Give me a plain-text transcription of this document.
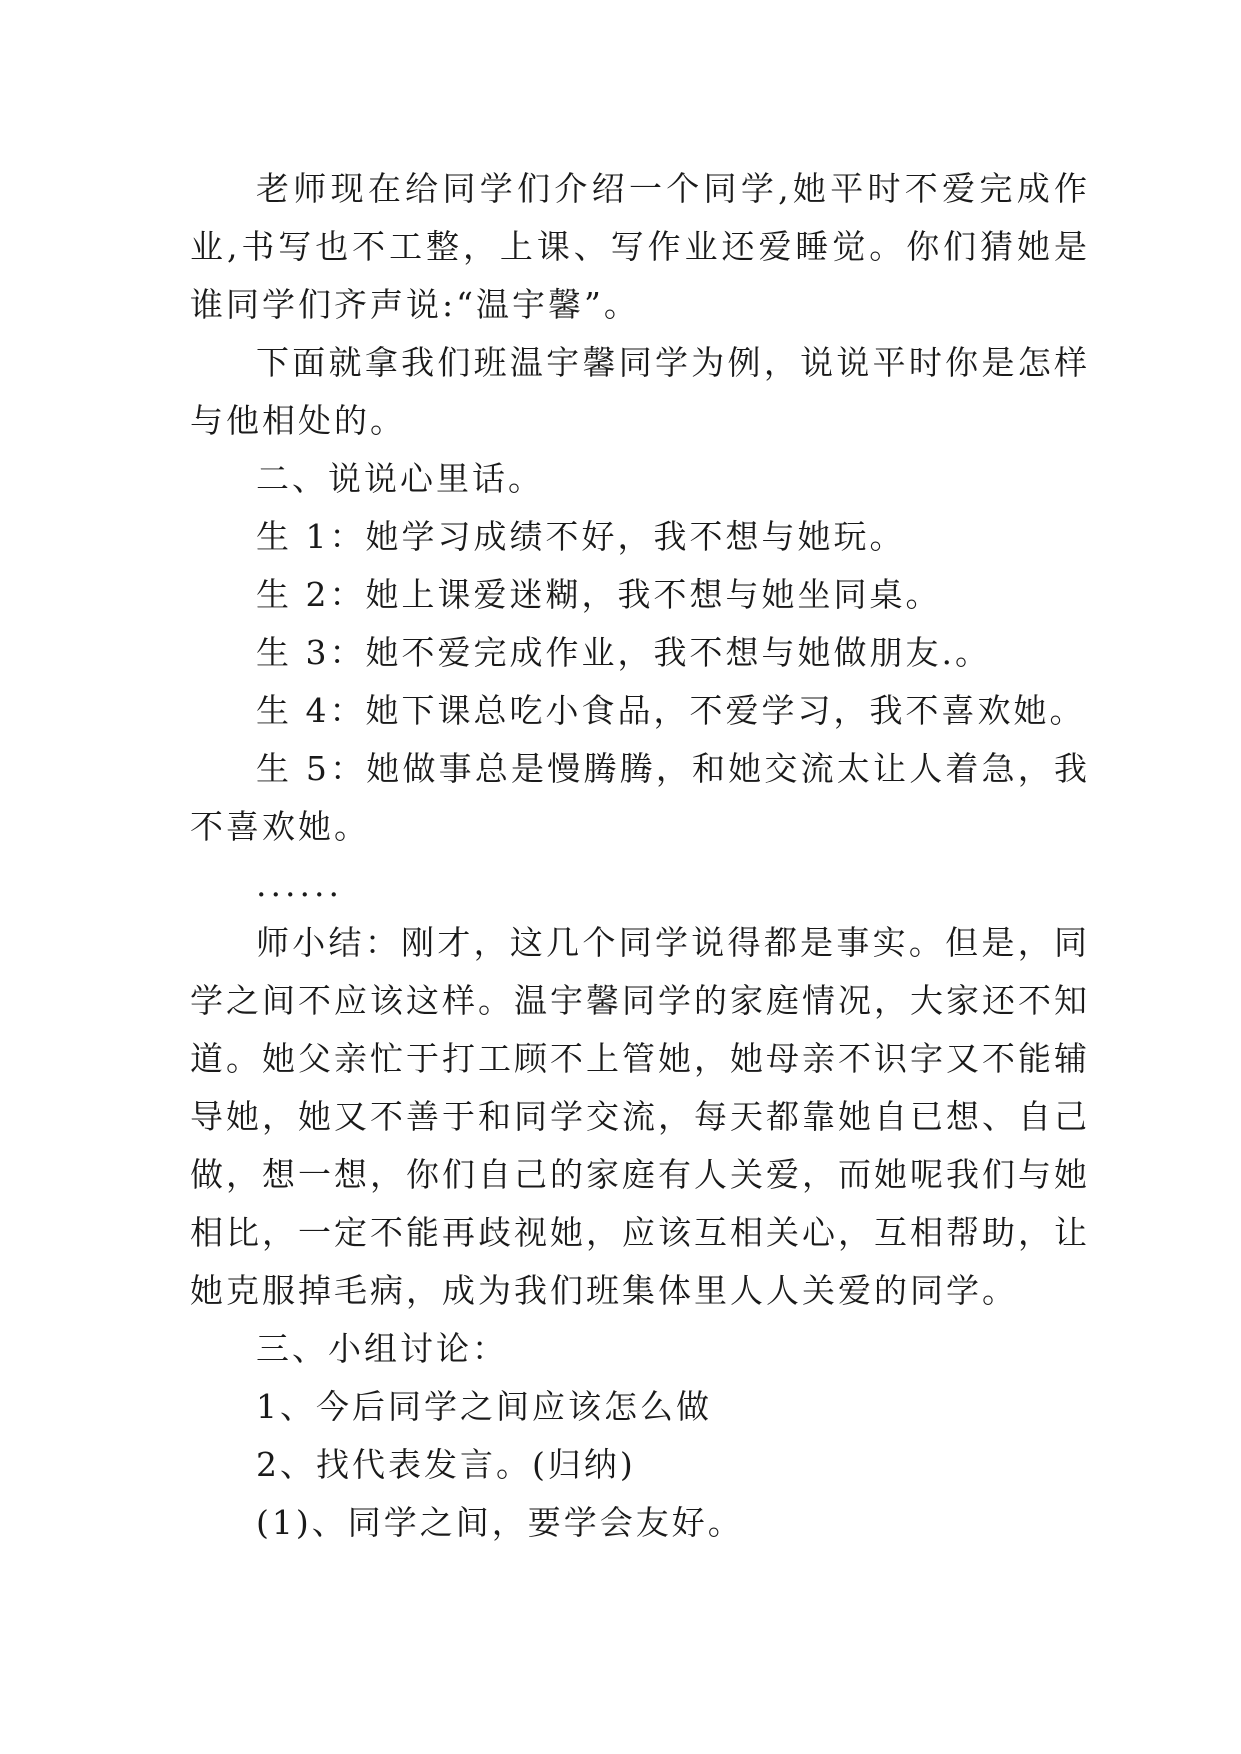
老师现在给同学们介绍一个同学,她平时不爱完成作业,书写也不工整，上课、写作业还爱睡觉。你们猜她是谁同学们齐声说:“温宇馨”。

下面就拿我们班温宇馨同学为例，说说平时你是怎样与他相处的。

二、说说心里话。

生 1：她学习成绩不好，我不想与她玩。

生 2：她上课爱迷糊，我不想与她坐同桌。

生 3：她不爱完成作业，我不想与她做朋友.。

生 4：她下课总吃小食品，不爱学习，我不喜欢她。

生 5：她做事总是慢腾腾，和她交流太让人着急，我不喜欢她。

......

师小结：刚才，这几个同学说得都是事实。但是，同学之间不应该这样。温宇馨同学的家庭情况，大家还不知道。她父亲忙于打工顾不上管她，她母亲不识字又不能辅导她，她又不善于和同学交流，每天都靠她自已想、自己做，想一想，你们自己的家庭有人关爱，而她呢我们与她相比，一定不能再歧视她，应该互相关心，互相帮助，让她克服掉毛病，成为我们班集体里人人关爱的同学。

三、小组讨论：

1、今后同学之间应该怎么做

2、找代表发言。(归纳)

(1)、同学之间，要学会友好。
